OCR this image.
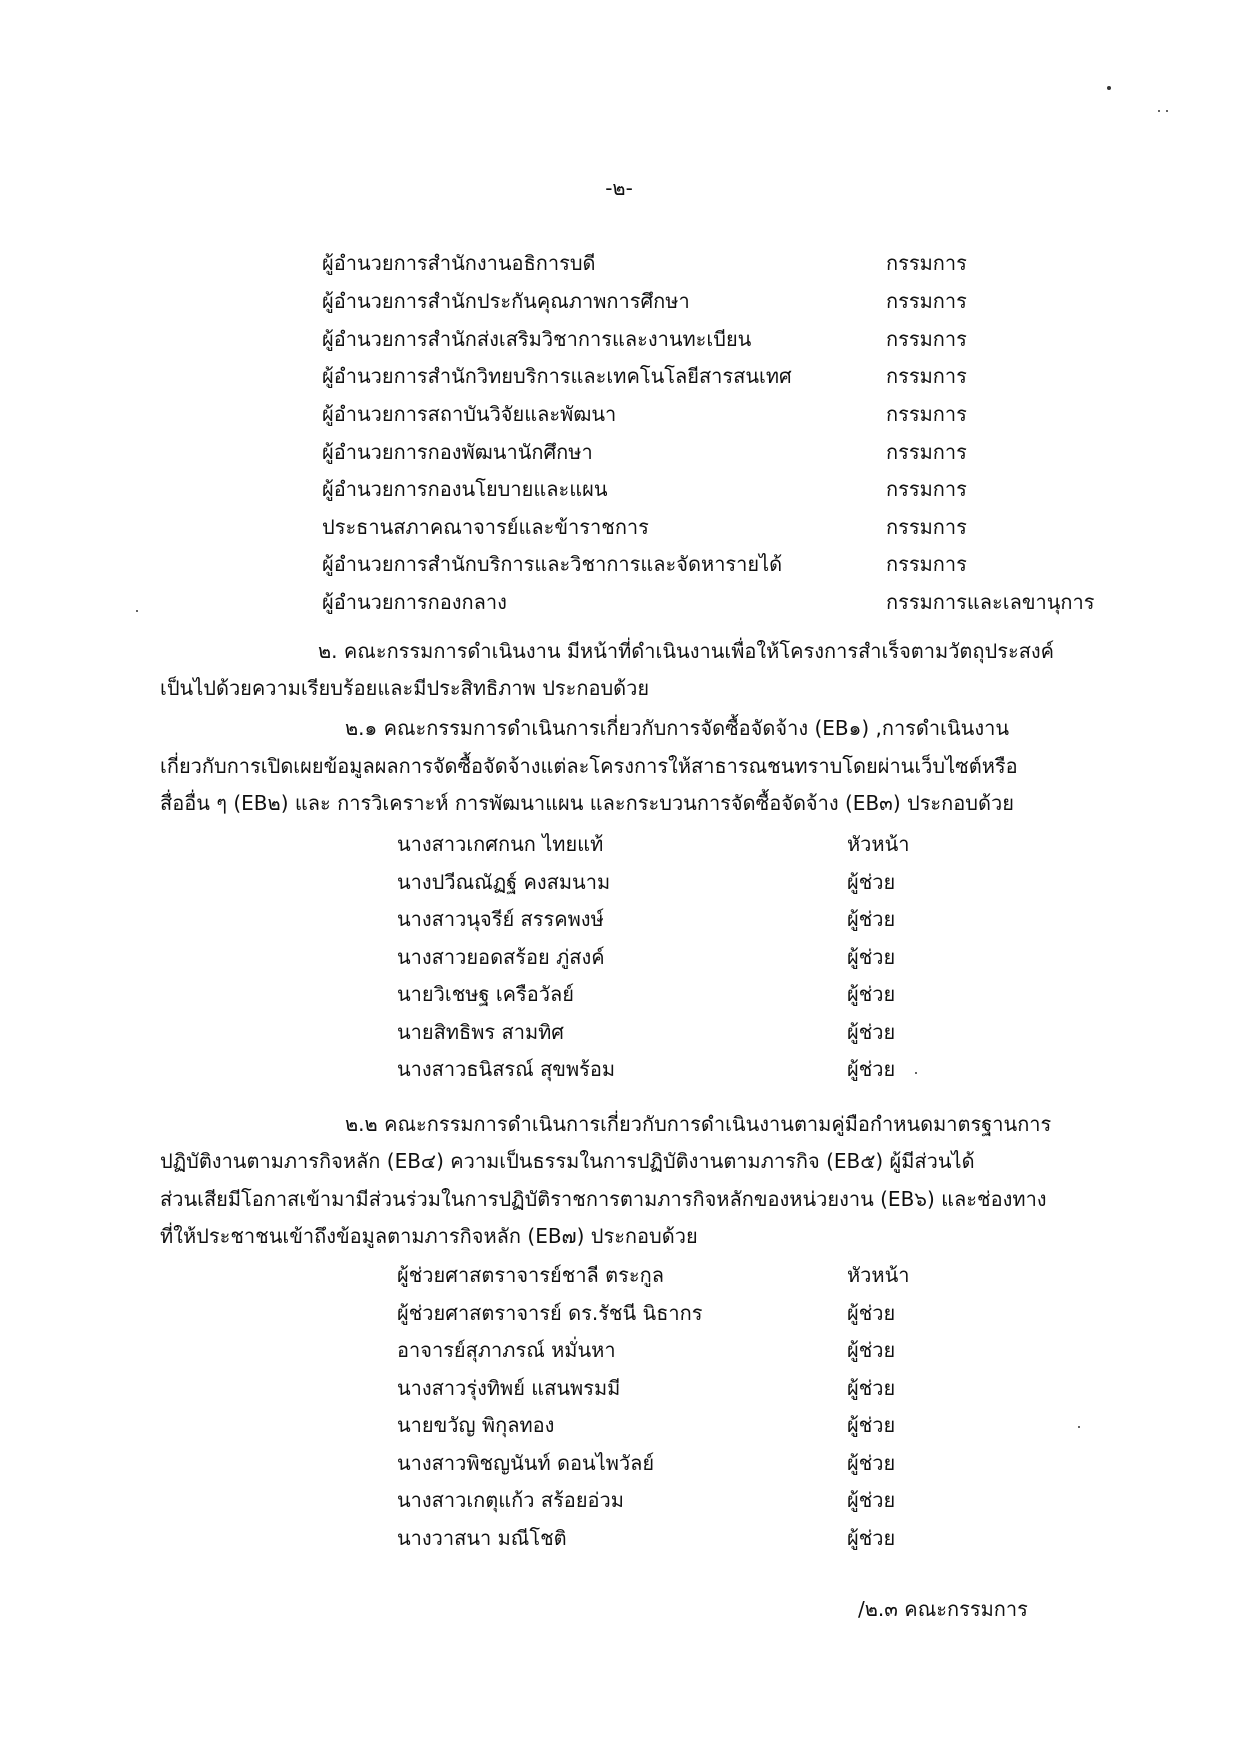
-๒-
ผู้อำนวยการสำนักงานอธิการบดี	กรรมการ
ผู้อำนวยการสำนักประกันคุณภาพการศึกษา	กรรมการ
ผู้อำนวยการสำนักส่งเสริมวิชาการและงานทะเบียน	กรรมการ
ผู้อำนวยการสำนักวิทยบริการและเทคโนโลยีสารสนเทศ	กรรมการ
ผู้อำนวยการสถาบันวิจัยและพัฒนา	กรรมการ
ผู้อำนวยการกองพัฒนานักศึกษา	กรรมการ
ผู้อำนวยการกองนโยบายและแผน	กรรมการ
ประธานสภาคณาจารย์และข้าราชการ	กรรมการ
ผู้อำนวยการสำนักบริการและวิชาการและจัดหารายได้	กรรมการ
ผู้อำนวยการกองกลาง	กรรมการและเลขานุการ
๒. คณะกรรมการดำเนินงาน มีหน้าที่ดำเนินงานเพื่อให้โครงการสำเร็จตามวัตถุประสงค์
เป็นไปด้วยความเรียบร้อยและมีประสิทธิภาพ ประกอบด้วย
๒.๑ คณะกรรมการดำเนินการเกี่ยวกับการจัดซื้อจัดจ้าง (EB๑) ,การดำเนินงาน
เกี่ยวกับการเปิดเผยข้อมูลผลการจัดซื้อจัดจ้างแต่ละโครงการให้สาธารณชนทราบโดยผ่านเว็บไซต์หรือ
สื่ออื่น ๆ (EB๒) และ การวิเคราะห์ การพัฒนาแผน และกระบวนการจัดซื้อจัดจ้าง (EB๓) ประกอบด้วย
นางสาวเกศกนก ไทยแท้	หัวหน้า
นางปวีณณัฏฐ์ คงสมนาม	ผู้ช่วย
นางสาวนุจรีย์ สรรคพงษ์	ผู้ช่วย
นางสาวยอดสร้อย ภู่สงค์	ผู้ช่วย
นายวิเชษฐ เครือวัลย์	ผู้ช่วย
นายสิทธิพร สามทิศ	ผู้ช่วย
นางสาวธนิสรณ์ สุขพร้อม	ผู้ช่วย
๒.๒ คณะกรรมการดำเนินการเกี่ยวกับการดำเนินงานตามคู่มือกำหนดมาตรฐานการ
ปฏิบัติงานตามภารกิจหลัก (EB๔) ความเป็นธรรมในการปฏิบัติงานตามภารกิจ (EB๕) ผู้มีส่วนได้
ส่วนเสียมีโอกาสเข้ามามีส่วนร่วมในการปฏิบัติราชการตามภารกิจหลักของหน่วยงาน (EB๖) และช่องทาง
ที่ให้ประชาชนเข้าถึงข้อมูลตามภารกิจหลัก (EB๗) ประกอบด้วย
ผู้ช่วยศาสตราจารย์ชาลี ตระกูล	หัวหน้า
ผู้ช่วยศาสตราจารย์ ดร.รัชนี นิธากร	ผู้ช่วย
อาจารย์สุภาภรณ์ หมั่นหา	ผู้ช่วย
นางสาวรุ่งทิพย์ แสนพรมมี	ผู้ช่วย
นายขวัญ พิกุลทอง	ผู้ช่วย
นางสาวพิชญนันท์ ดอนไพวัลย์	ผู้ช่วย
นางสาวเกตุแก้ว สร้อยอ่วม	ผู้ช่วย
นางวาสนา มณีโชติ	ผู้ช่วย
/๒.๓ คณะกรรมการ
